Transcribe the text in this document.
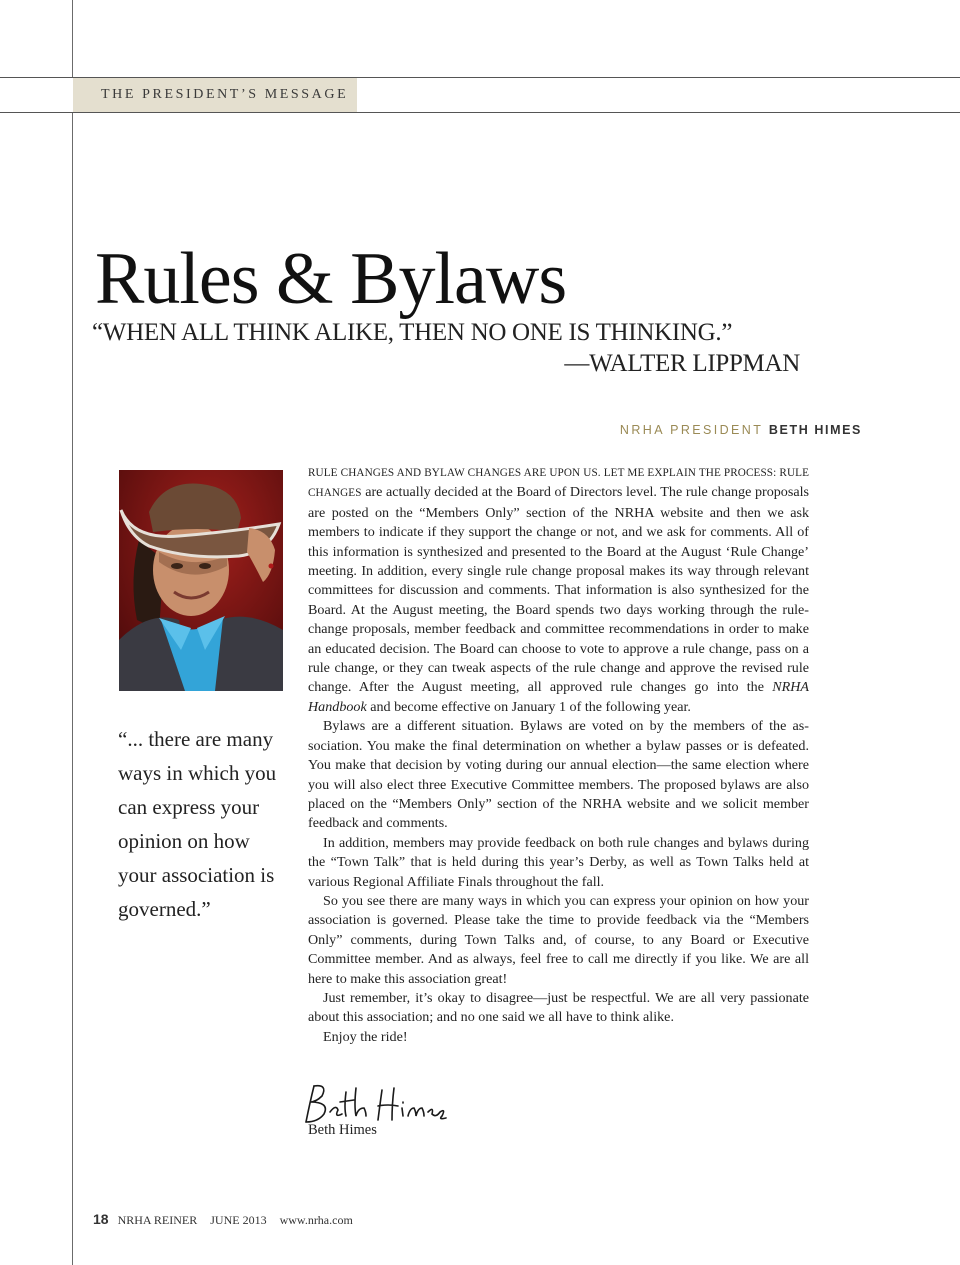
THE PRESIDENT’S MESSAGE
Rules & Bylaws
“WHEN ALL THINK ALIKE, THEN NO ONE IS THINKING.”
—WALTER LIPPMAN
NRHA PRESIDENT BETH HIMES
“... there are many ways in which you can express your opinion on how your association is governed.”

RULE CHANGES AND BYLAW CHANGES ARE UPON US. LET ME EXPLAIN THE PROCESS: RULE CHANGES are actually decided at the Board of Directors level. The rule change proposals are posted on the “Members Only” section of the NRHA website and then we ask members to indicate if they support the change or not, and we ask for comments. All of this information is synthesized and presented to the Board at the August ‘Rule Change’ meeting. In addition, every single rule change proposal makes its way through relevant committees for discussion and comments. That information is also synthesized for the Board. At the August meeting, the Board spends two days working through the rule-change proposals, member feedback and committee recommendations in order to make an educated decision. The Board can choose to vote to approve a rule change, pass on a rule change, or they can tweak aspects of the rule change and approve the revised rule change. After the August meeting, all approved rule changes go into the NRHA Handbook and become effective on January 1 of the following year.

Bylaws are a different situation. Bylaws are voted on by the members of the association. You make the final determination on whether a bylaw passes or is defeated. You make that decision by voting during our annual election—the same election where you will also elect three Executive Committee members. The proposed bylaws are also placed on the “Members Only” section of the NRHA website and we solicit member feedback and comments.

In addition, members may provide feedback on both rule changes and bylaws during the “Town Talk” that is held during this year’s Derby, as well as Town Talks held at various Regional Affiliate Finals throughout the fall.

So you see there are many ways in which you can express your opinion on how your association is governed. Please take the time to provide feedback via the “Members Only” comments, during Town Talks and, of course, to any Board or Executive Committee member. And as always, feel free to call me directly if you like. We are all here to make this association great!

Just remember, it’s okay to disagree—just be respectful. We are all very passionate about this association; and no one said we all have to think alike.

Enjoy the ride!

Beth Himes
18 NRHA REINER JUNE 2013 www.nrha.com
